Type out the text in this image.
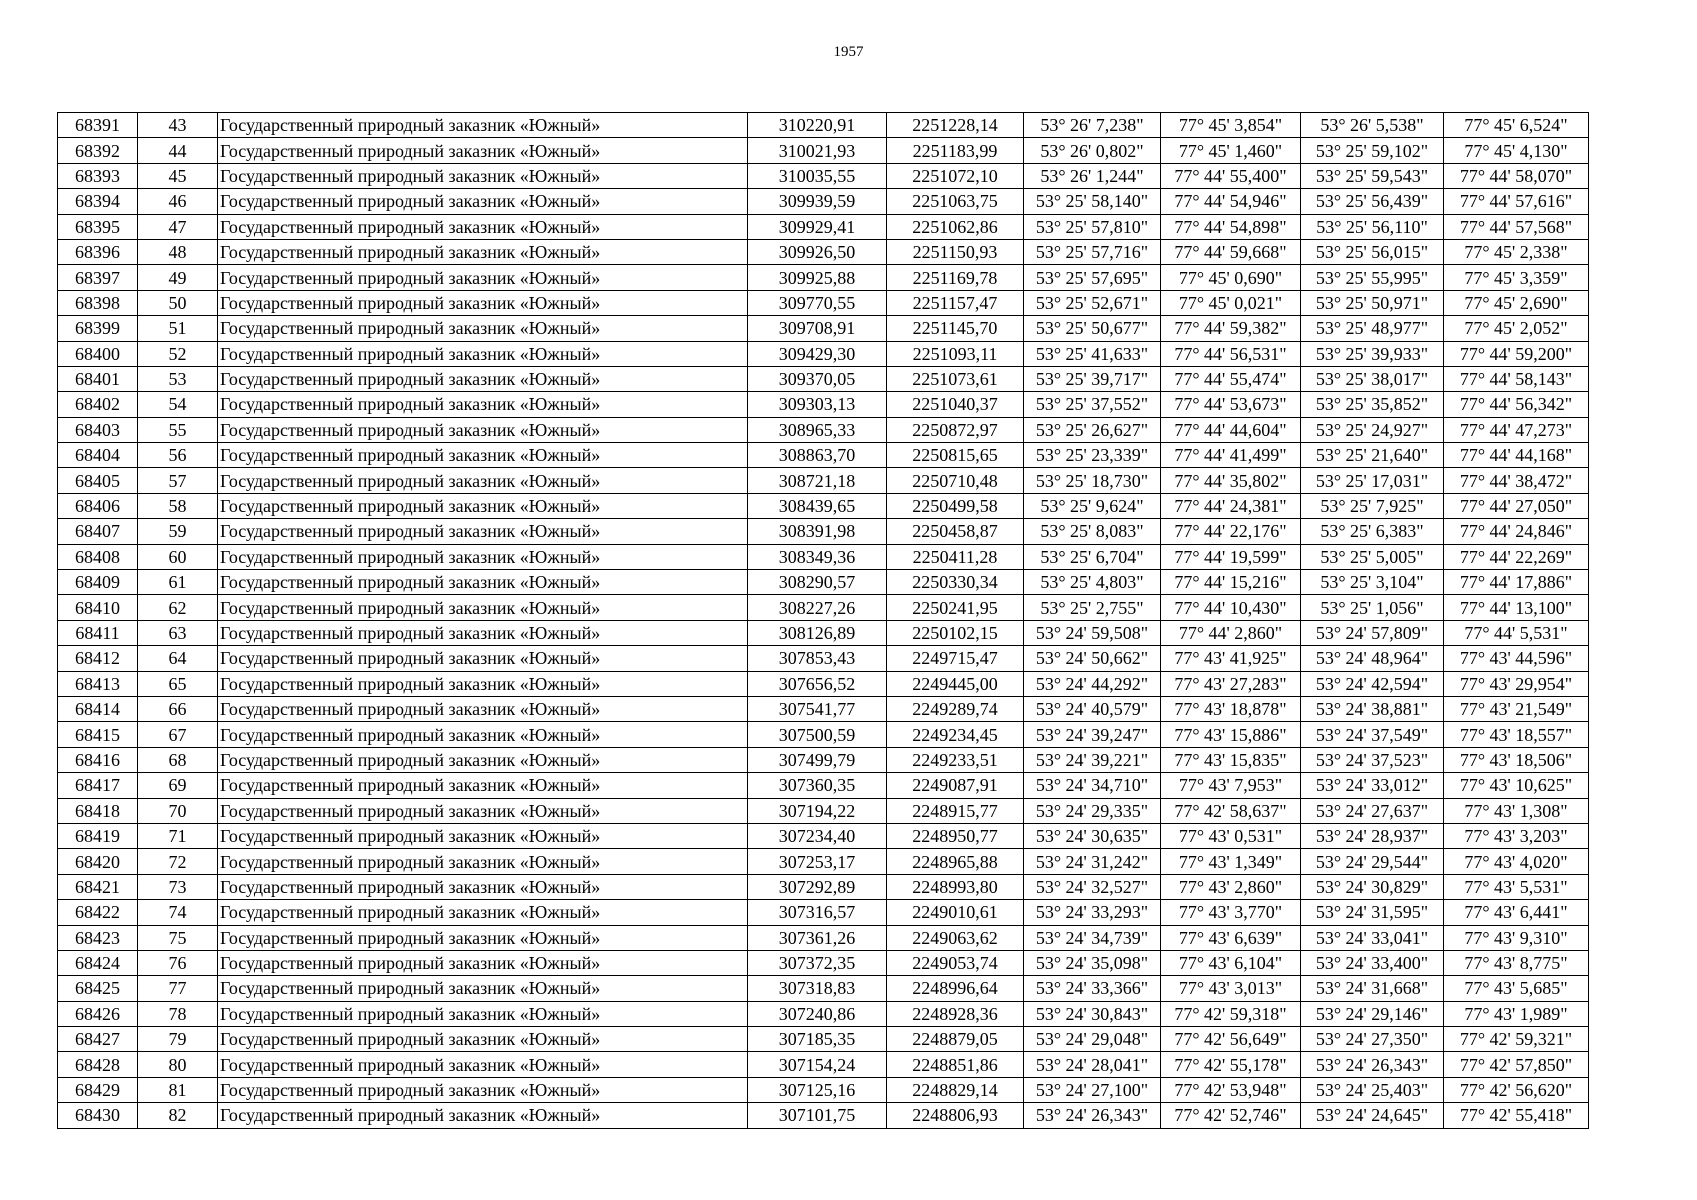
1957
68391	43	Государственный природный заказник «Южный»	310220,91	2251228,14	53° 26' 7,238"	77° 45' 3,854"	53° 26' 5,538"	77° 45' 6,524"
68392	44	Государственный природный заказник «Южный»	310021,93	2251183,99	53° 26' 0,802"	77° 45' 1,460"	53° 25' 59,102"	77° 45' 4,130"
68393	45	Государственный природный заказник «Южный»	310035,55	2251072,10	53° 26' 1,244"	77° 44' 55,400"	53° 25' 59,543"	77° 44' 58,070"
68394	46	Государственный природный заказник «Южный»	309939,59	2251063,75	53° 25' 58,140"	77° 44' 54,946"	53° 25' 56,439"	77° 44' 57,616"
68395	47	Государственный природный заказник «Южный»	309929,41	2251062,86	53° 25' 57,810"	77° 44' 54,898"	53° 25' 56,110"	77° 44' 57,568"
68396	48	Государственный природный заказник «Южный»	309926,50	2251150,93	53° 25' 57,716"	77° 44' 59,668"	53° 25' 56,015"	77° 45' 2,338"
68397	49	Государственный природный заказник «Южный»	309925,88	2251169,78	53° 25' 57,695"	77° 45' 0,690"	53° 25' 55,995"	77° 45' 3,359"
68398	50	Государственный природный заказник «Южный»	309770,55	2251157,47	53° 25' 52,671"	77° 45' 0,021"	53° 25' 50,971"	77° 45' 2,690"
68399	51	Государственный природный заказник «Южный»	309708,91	2251145,70	53° 25' 50,677"	77° 44' 59,382"	53° 25' 48,977"	77° 45' 2,052"
68400	52	Государственный природный заказник «Южный»	309429,30	2251093,11	53° 25' 41,633"	77° 44' 56,531"	53° 25' 39,933"	77° 44' 59,200"
68401	53	Государственный природный заказник «Южный»	309370,05	2251073,61	53° 25' 39,717"	77° 44' 55,474"	53° 25' 38,017"	77° 44' 58,143"
68402	54	Государственный природный заказник «Южный»	309303,13	2251040,37	53° 25' 37,552"	77° 44' 53,673"	53° 25' 35,852"	77° 44' 56,342"
68403	55	Государственный природный заказник «Южный»	308965,33	2250872,97	53° 25' 26,627"	77° 44' 44,604"	53° 25' 24,927"	77° 44' 47,273"
68404	56	Государственный природный заказник «Южный»	308863,70	2250815,65	53° 25' 23,339"	77° 44' 41,499"	53° 25' 21,640"	77° 44' 44,168"
68405	57	Государственный природный заказник «Южный»	308721,18	2250710,48	53° 25' 18,730"	77° 44' 35,802"	53° 25' 17,031"	77° 44' 38,472"
68406	58	Государственный природный заказник «Южный»	308439,65	2250499,58	53° 25' 9,624"	77° 44' 24,381"	53° 25' 7,925"	77° 44' 27,050"
68407	59	Государственный природный заказник «Южный»	308391,98	2250458,87	53° 25' 8,083"	77° 44' 22,176"	53° 25' 6,383"	77° 44' 24,846"
68408	60	Государственный природный заказник «Южный»	308349,36	2250411,28	53° 25' 6,704"	77° 44' 19,599"	53° 25' 5,005"	77° 44' 22,269"
68409	61	Государственный природный заказник «Южный»	308290,57	2250330,34	53° 25' 4,803"	77° 44' 15,216"	53° 25' 3,104"	77° 44' 17,886"
68410	62	Государственный природный заказник «Южный»	308227,26	2250241,95	53° 25' 2,755"	77° 44' 10,430"	53° 25' 1,056"	77° 44' 13,100"
68411	63	Государственный природный заказник «Южный»	308126,89	2250102,15	53° 24' 59,508"	77° 44' 2,860"	53° 24' 57,809"	77° 44' 5,531"
68412	64	Государственный природный заказник «Южный»	307853,43	2249715,47	53° 24' 50,662"	77° 43' 41,925"	53° 24' 48,964"	77° 43' 44,596"
68413	65	Государственный природный заказник «Южный»	307656,52	2249445,00	53° 24' 44,292"	77° 43' 27,283"	53° 24' 42,594"	77° 43' 29,954"
68414	66	Государственный природный заказник «Южный»	307541,77	2249289,74	53° 24' 40,579"	77° 43' 18,878"	53° 24' 38,881"	77° 43' 21,549"
68415	67	Государственный природный заказник «Южный»	307500,59	2249234,45	53° 24' 39,247"	77° 43' 15,886"	53° 24' 37,549"	77° 43' 18,557"
68416	68	Государственный природный заказник «Южный»	307499,79	2249233,51	53° 24' 39,221"	77° 43' 15,835"	53° 24' 37,523"	77° 43' 18,506"
68417	69	Государственный природный заказник «Южный»	307360,35	2249087,91	53° 24' 34,710"	77° 43' 7,953"	53° 24' 33,012"	77° 43' 10,625"
68418	70	Государственный природный заказник «Южный»	307194,22	2248915,77	53° 24' 29,335"	77° 42' 58,637"	53° 24' 27,637"	77° 43' 1,308"
68419	71	Государственный природный заказник «Южный»	307234,40	2248950,77	53° 24' 30,635"	77° 43' 0,531"	53° 24' 28,937"	77° 43' 3,203"
68420	72	Государственный природный заказник «Южный»	307253,17	2248965,88	53° 24' 31,242"	77° 43' 1,349"	53° 24' 29,544"	77° 43' 4,020"
68421	73	Государственный природный заказник «Южный»	307292,89	2248993,80	53° 24' 32,527"	77° 43' 2,860"	53° 24' 30,829"	77° 43' 5,531"
68422	74	Государственный природный заказник «Южный»	307316,57	2249010,61	53° 24' 33,293"	77° 43' 3,770"	53° 24' 31,595"	77° 43' 6,441"
68423	75	Государственный природный заказник «Южный»	307361,26	2249063,62	53° 24' 34,739"	77° 43' 6,639"	53° 24' 33,041"	77° 43' 9,310"
68424	76	Государственный природный заказник «Южный»	307372,35	2249053,74	53° 24' 35,098"	77° 43' 6,104"	53° 24' 33,400"	77° 43' 8,775"
68425	77	Государственный природный заказник «Южный»	307318,83	2248996,64	53° 24' 33,366"	77° 43' 3,013"	53° 24' 31,668"	77° 43' 5,685"
68426	78	Государственный природный заказник «Южный»	307240,86	2248928,36	53° 24' 30,843"	77° 42' 59,318"	53° 24' 29,146"	77° 43' 1,989"
68427	79	Государственный природный заказник «Южный»	307185,35	2248879,05	53° 24' 29,048"	77° 42' 56,649"	53° 24' 27,350"	77° 42' 59,321"
68428	80	Государственный природный заказник «Южный»	307154,24	2248851,86	53° 24' 28,041"	77° 42' 55,178"	53° 24' 26,343"	77° 42' 57,850"
68429	81	Государственный природный заказник «Южный»	307125,16	2248829,14	53° 24' 27,100"	77° 42' 53,948"	53° 24' 25,403"	77° 42' 56,620"
68430	82	Государственный природный заказник «Южный»	307101,75	2248806,93	53° 24' 26,343"	77° 42' 52,746"	53° 24' 24,645"	77° 42' 55,418"
